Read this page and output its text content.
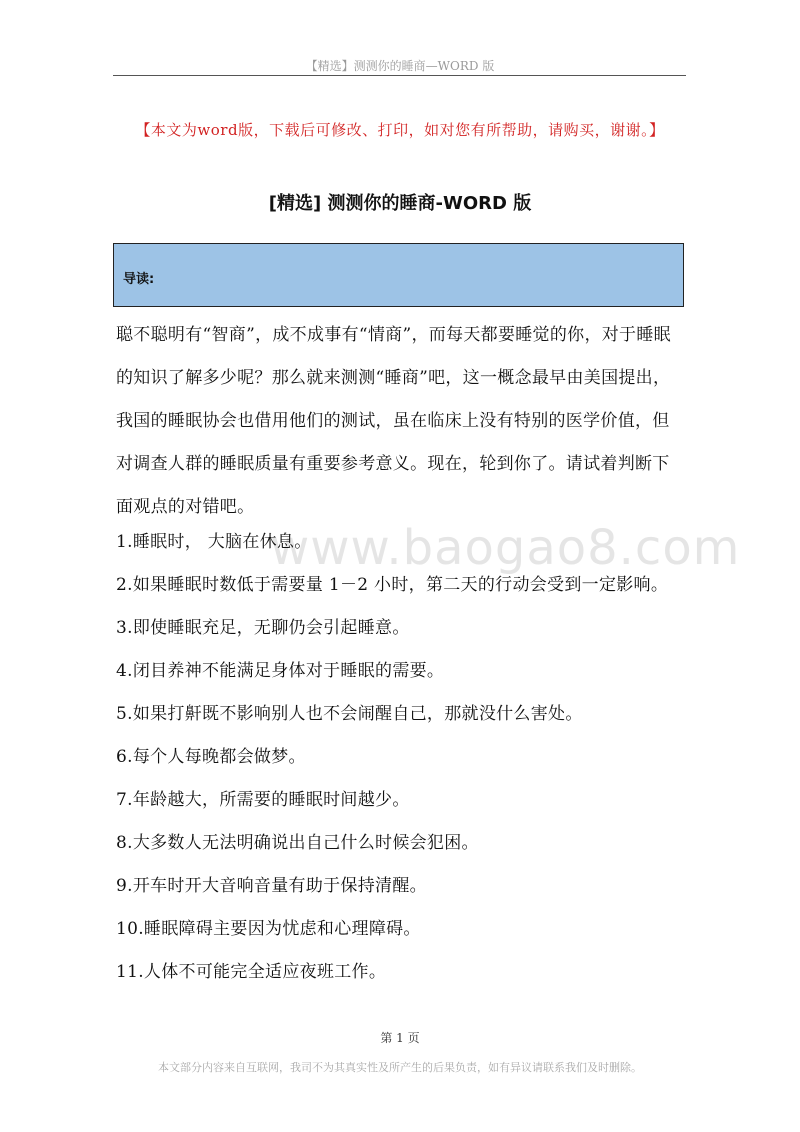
【精选】测测你的睡商—WORD 版
【本文为word版，下载后可修改、打印，如对您有所帮助，请购买，谢谢。】
[精选] 测测你的睡商-WORD 版
导读:

聪不聪明有“智商”，成不成事有“情商”，而每天都要睡觉的你，对于睡眠的知识了解多少呢？那么就来测测“睡商”吧，这一概念最早由美国提出，我国的睡眠协会也借用他们的测试，虽在临床上没有特别的医学价值，但对调查人群的睡眠质量有重要参考意义。现在，轮到你了。请试着判断下面观点的对错吧。

www.baogao8.com
1.睡眠时， 大脑在休息。
2.如果睡眠时数低于需要量 1－2 小时，第二天的行动会受到一定影响。
3.即使睡眠充足，无聊仍会引起睡意。
4.闭目养神不能满足身体对于睡眠的需要。
5.如果打鼾既不影响别人也不会闹醒自己，那就没什么害处。
6.每个人每晚都会做梦。
7.年龄越大，所需要的睡眠时间越少。
8.大多数人无法明确说出自己什么时候会犯困。
9.开车时开大音响音量有助于保持清醒。
10.睡眠障碍主要因为忧虑和心理障碍。
11.人体不可能完全适应夜班工作。
第 1 页
本文部分内容来自互联网，我司不为其真实性及所产生的后果负责，如有异议请联系我们及时删除。
